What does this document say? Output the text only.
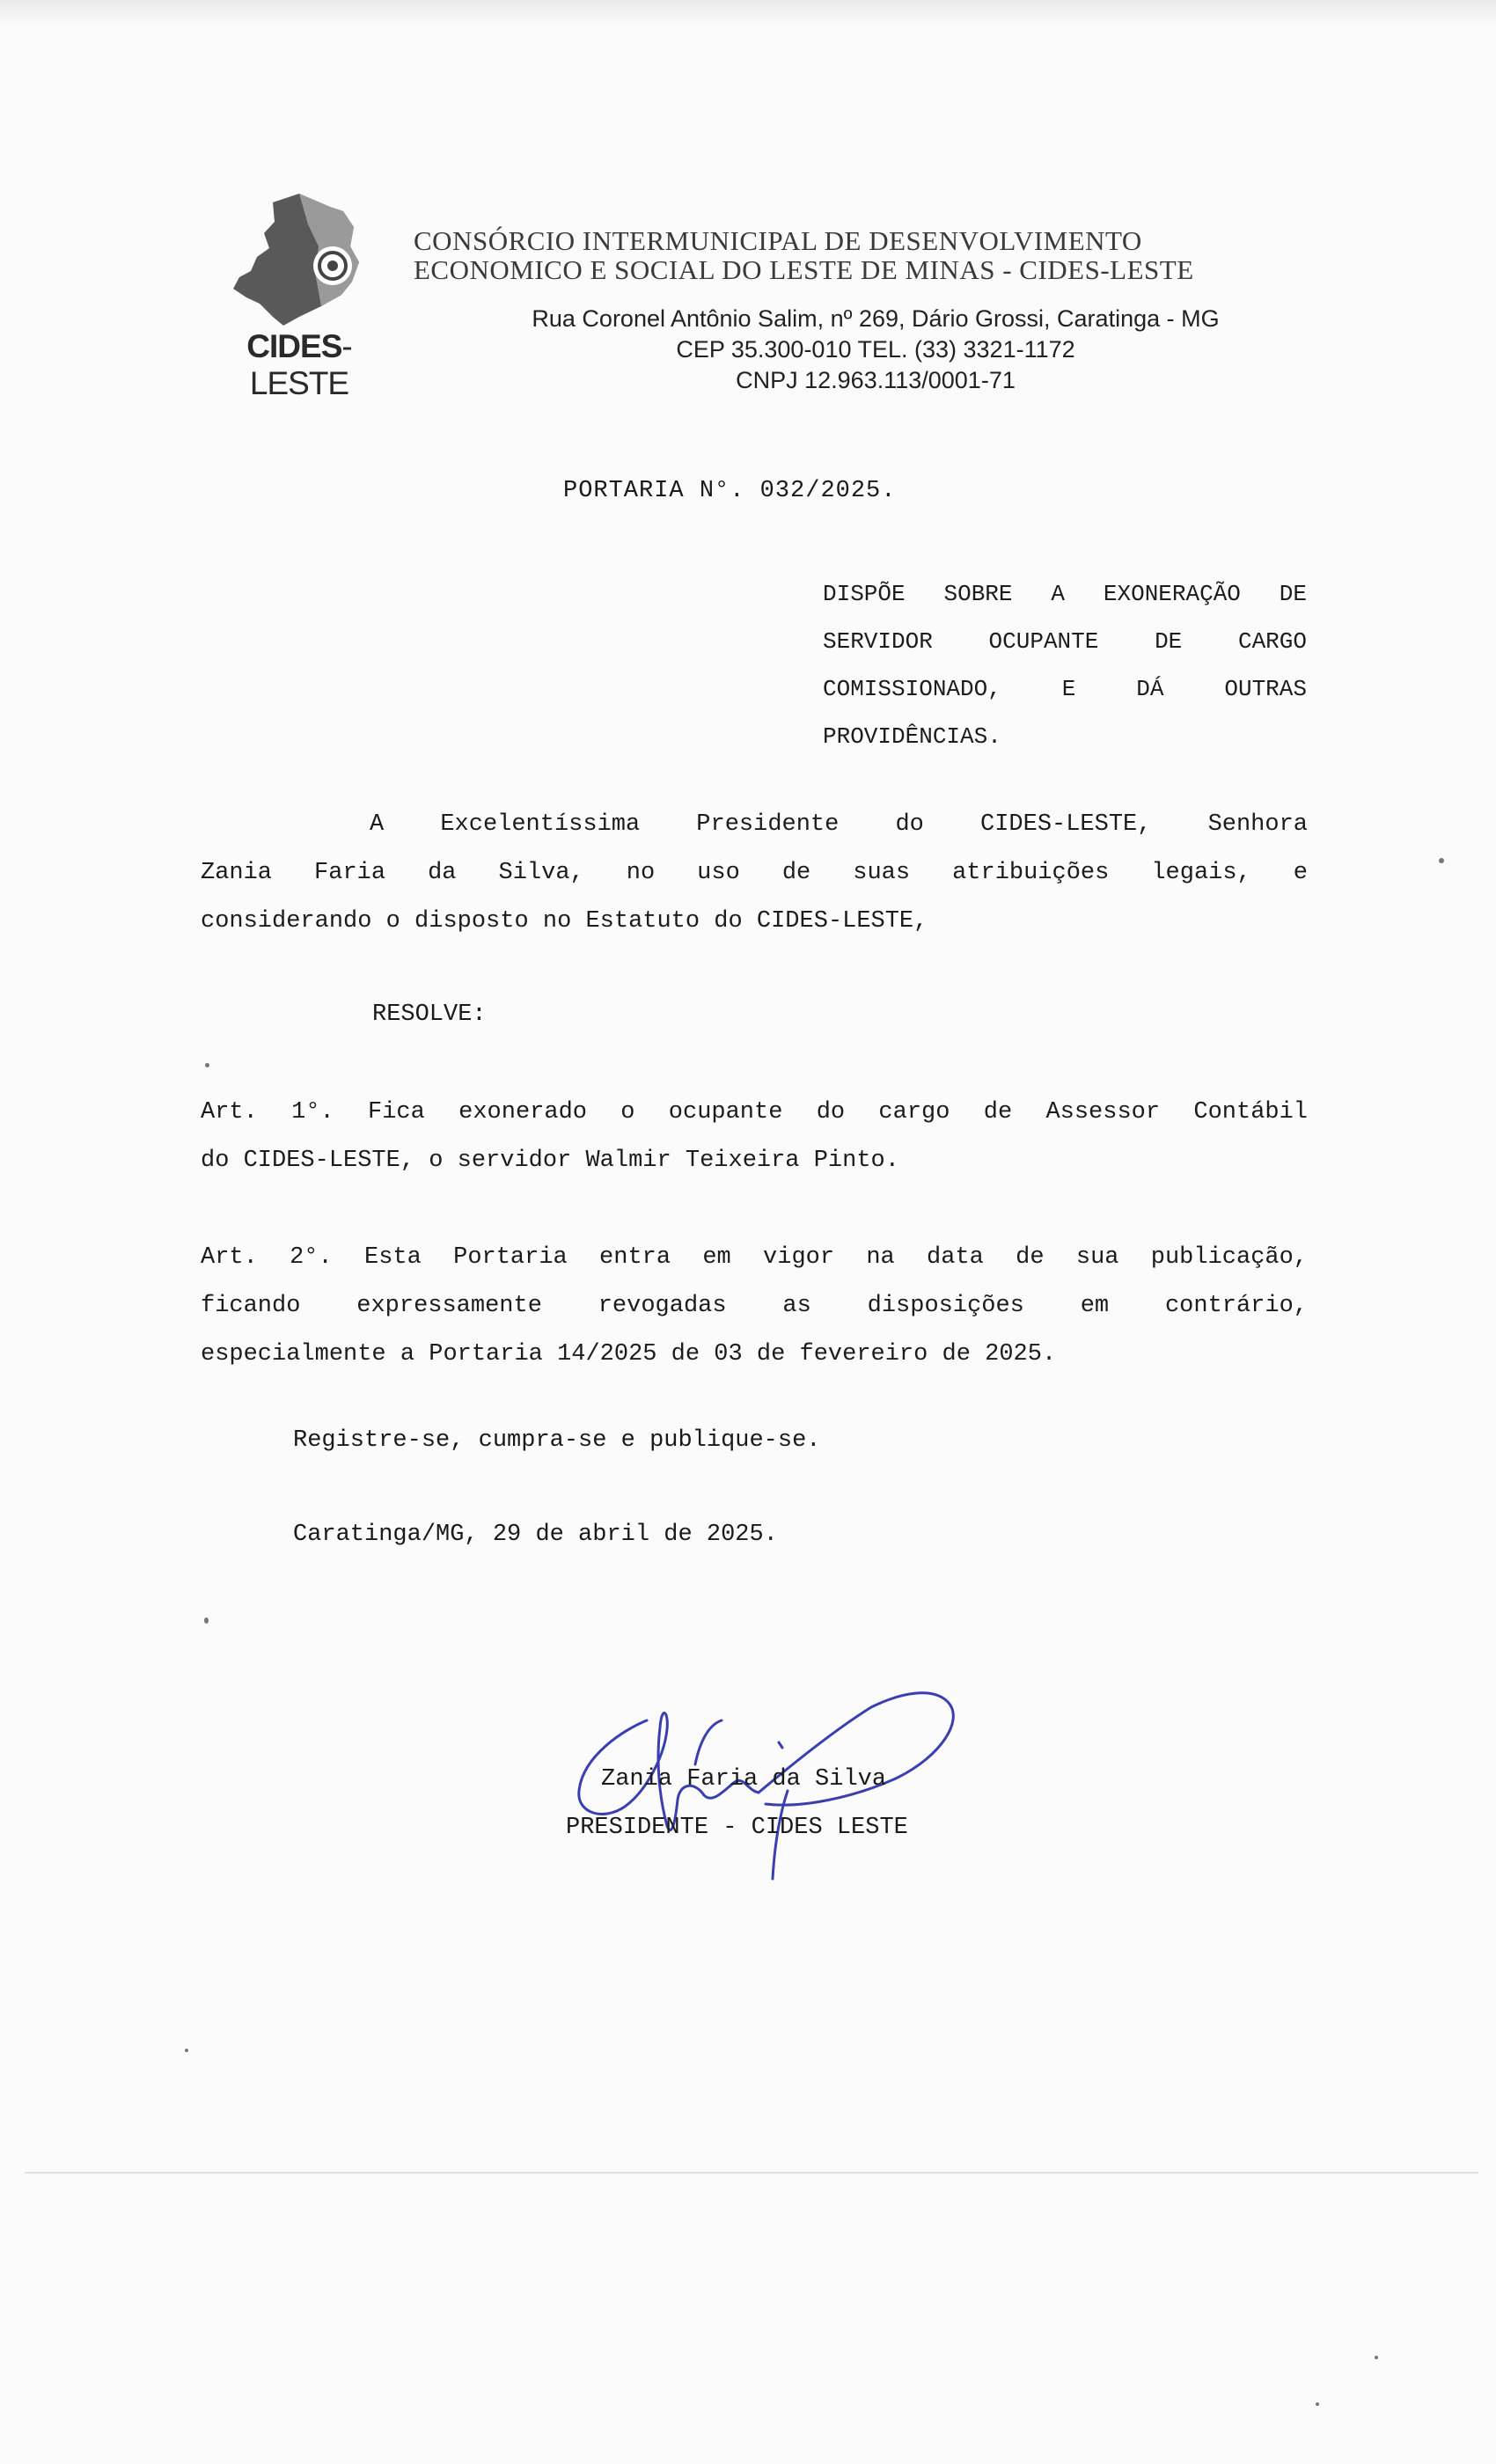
CIDES-LESTE
CONSÓRCIO INTERMUNICIPAL DE DESENVOLVIMENTO
ECONOMICO E SOCIAL DO LESTE DE MINAS - CIDES-LESTE
Rua Coronel Antônio Salim, nº 269, Dário Grossi, Caratinga - MG
CEP 35.300-010 TEL. (33) 3321-1172
CNPJ 12.963.113/0001-71
PORTARIA N°. 032/2025.
DISPÕE SOBRE A EXONERAÇÃO DE
SERVIDOR OCUPANTE DE CARGO
COMISSIONADO, E DÁ OUTRAS
PROVIDÊNCIAS.
A Excelentíssima Presidente do CIDES-LESTE, Senhora
Zania Faria da Silva, no uso de suas atribuições legais, e
considerando o disposto no Estatuto do CIDES-LESTE,
RESOLVE:
Art. 1°. Fica exonerado o ocupante do cargo de Assessor Contábil
do CIDES-LESTE, o servidor Walmir Teixeira Pinto.
Art. 2°. Esta Portaria entra em vigor na data de sua publicação,
ficando expressamente revogadas as disposições em contrário,
especialmente a Portaria 14/2025 de 03 de fevereiro de 2025.
Registre-se, cumpra-se e publique-se.
Caratinga/MG, 29 de abril de 2025.
Zania Faria da Silva
PRESIDENTE - CIDES LESTE
